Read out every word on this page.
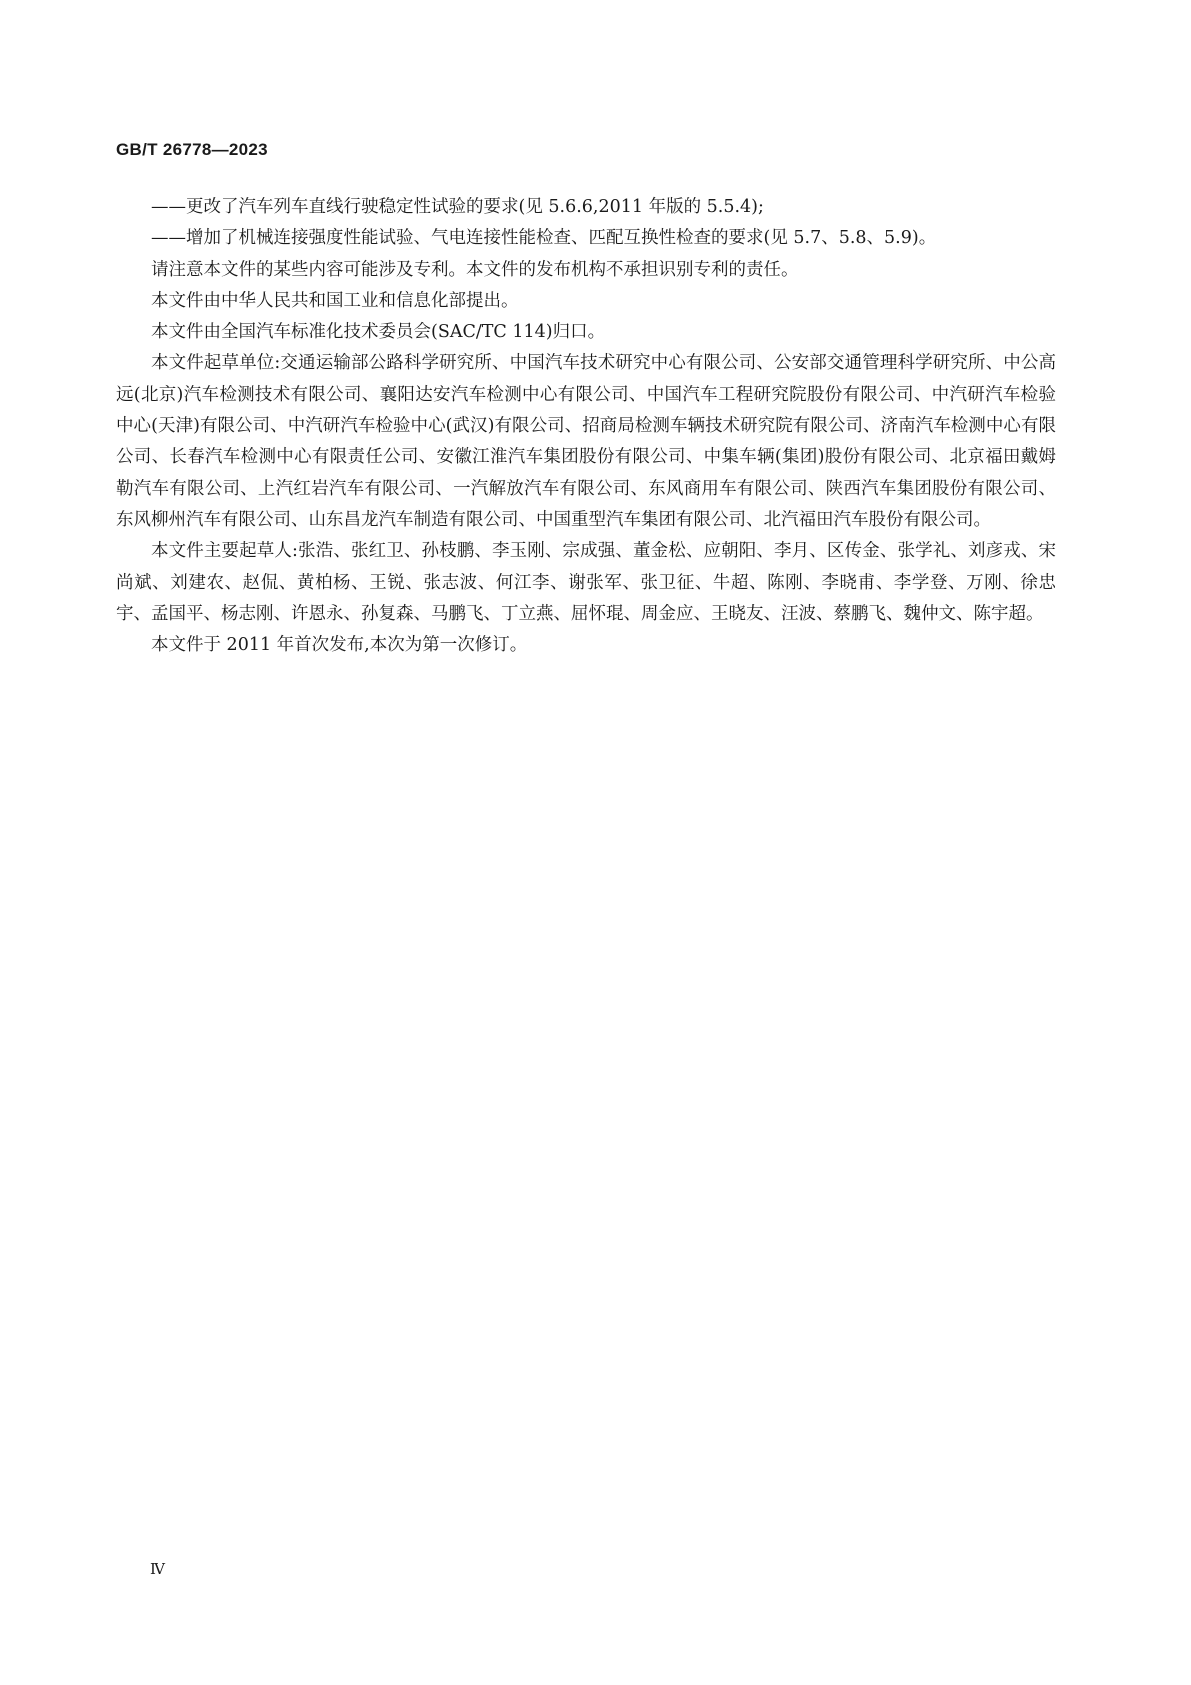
GB/T 26778—2023

——更改了汽车列车直线行驶稳定性试验的要求(见 5.6.6,2011 年版的 5.5.4);

——增加了机械连接强度性能试验、气电连接性能检查、匹配互换性检查的要求(见 5.7、5.8、5.9)。

请注意本文件的某些内容可能涉及专利。本文件的发布机构不承担识别专利的责任。

本文件由中华人民共和国工业和信息化部提出。

本文件由全国汽车标准化技术委员会(SAC/TC 114)归口。

本文件起草单位:交通运输部公路科学研究所、中国汽车技术研究中心有限公司、公安部交通管理科学研究所、中公高远(北京)汽车检测技术有限公司、襄阳达安汽车检测中心有限公司、中国汽车工程研究院股份有限公司、中汽研汽车检验中心(天津)有限公司、中汽研汽车检验中心(武汉)有限公司、招商局检测车辆技术研究院有限公司、济南汽车检测中心有限公司、长春汽车检测中心有限责任公司、安徽江淮汽车集团股份有限公司、中集车辆(集团)股份有限公司、北京福田戴姆勒汽车有限公司、上汽红岩汽车有限公司、一汽解放汽车有限公司、东风商用车有限公司、陕西汽车集团股份有限公司、东风柳州汽车有限公司、山东昌龙汽车制造有限公司、中国重型汽车集团有限公司、北汽福田汽车股份有限公司。

本文件主要起草人:张浩、张红卫、孙枝鹏、李玉刚、宗成强、董金松、应朝阳、李月、区传金、张学礼、刘彦戎、宋尚斌、刘建农、赵侃、黄柏杨、王锐、张志波、何江李、谢张军、张卫征、牛超、陈刚、李晓甫、李学登、万刚、徐忠宇、孟国平、杨志刚、许恩永、孙复森、马鹏飞、丁立燕、屈怀琨、周金应、王晓友、汪波、蔡鹏飞、魏仲文、陈宇超。

本文件于 2011 年首次发布,本次为第一次修订。

Ⅳ
